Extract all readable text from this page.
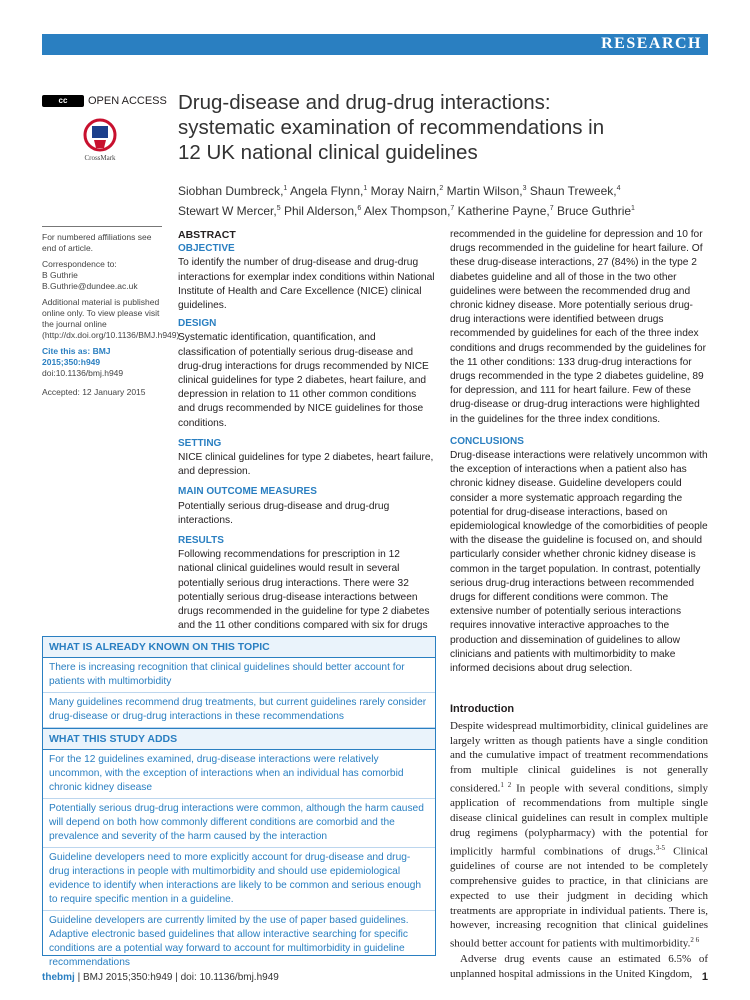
RESEARCH
cc	OPEN ACCESS
CrossMark
Drug-disease and drug-drug interactions: systematic examination of recommendations in 12 UK national clinical guidelines
Siobhan Dumbreck,$^1$ Angela Flynn,$^1$ Moray Nairn,$^2$ Martin Wilson,$^3$ Shaun Treweek,$^4$ Stewart W Mercer,$^5$ Phil Alderson,$^6$ Alex Thompson,$^7$ Katherine Payne,$^7$ Bruce Guthrie$^1$

For numbered affiliations see end of article.

Correspondence to:
B Guthrie B.Guthrie@dundee.ac.uk

Additional material is published online only. To view please visit the journal online (http://dx.doi.org/10.1136/BMJ.h949)

Cite this as: BMJ 2015;350:h949

doi:10.1136/bmj.h949

Accepted: 12 January 2015

ABSTRACT

OBJECTIVE

To identify the number of drug-disease and drug-drug interactions for exemplar index conditions within National Institute of Health and Care Excellence (NICE) clinical guidelines.

DESIGN

Systematic identification, quantification, and classification of potentially serious drug-disease and drug-drug interactions for drugs recommended by NICE clinical guidelines for type 2 diabetes, heart failure, and depression in relation to 11 other common conditions and drugs recommended by NICE guidelines for those conditions.

SETTING

NICE clinical guidelines for type 2 diabetes, heart failure, and depression.

MAIN OUTCOME MEASURES

Potentially serious drug-disease and drug-drug interactions.

RESULTS

Following recommendations for prescription in 12 national clinical guidelines would result in several potentially serious drug interactions. There were 32 potentially serious drug-disease interactions between drugs recommended in the guideline for type 2 diabetes and the 11 other conditions compared with six for drugs

recommended in the guideline for depression and 10 for drugs recommended in the guideline for heart failure. Of these drug-disease interactions, 27 (84%) in the type 2 diabetes guideline and all of those in the two other guidelines were between the recommended drug and chronic kidney disease. More potentially serious drug-drug interactions were identified between drugs recommended by guidelines for each of the three index conditions and drugs recommended by the guidelines for the 11 other conditions: 133 drug-drug interactions for drugs recommended in the type 2 diabetes guideline, 89 for depression, and 111 for heart failure. Few of these drug-disease or drug-drug interactions were highlighted in the guidelines for the three index conditions.

CONCLUSIONS

Drug-disease interactions were relatively uncommon with the exception of interactions when a patient also has chronic kidney disease. Guideline developers could consider a more systematic approach regarding the potential for drug-disease interactions, based on epidemiological knowledge of the comorbidities of people with the disease the guideline is focused on, and should particularly consider whether chronic kidney disease is common in the target population. In contrast, potentially serious drug-drug interactions between recommended drugs for different conditions were common. The extensive number of potentially serious interactions requires innovative interactive approaches to the production and dissemination of guidelines to allow clinicians and patients with multimorbidity to make informed decisions about drug selection.

WHAT IS ALREADY KNOWN ON THIS TOPIC
There is increasing recognition that clinical guidelines should better account for patients with multimorbidity
Many guidelines recommend drug treatments, but current guidelines rarely consider drug-disease or drug-drug interactions in these recommendations
WHAT THIS STUDY ADDS
For the 12 guidelines examined, drug-disease interactions were relatively uncommon, with the exception of interactions when an individual has comorbid chronic kidney disease
Potentially serious drug-drug interactions were common, although the harm caused will depend on both how commonly different conditions are comorbid and the prevalence and severity of the harm caused by the interaction
Guideline developers need to more explicitly account for drug-disease and drug-drug interactions in people with multimorbidity and should use epidemiological evidence to identify when interactions are likely to be common and serious enough to require specific mention in a guideline.
Guideline developers are currently limited by the use of paper based guidelines. Adaptive electronic based guidelines that allow interactive searching for specific conditions are a potential way forward to account for multimorbidity in guideline recommendations
Introduction

Despite widespread multimorbidity, clinical guidelines are largely written as though patients have a single condition and the cumulative impact of treatment recommendations from multiple clinical guidelines is not generally considered.$^{1 2}$ In people with several conditions, simply application of recommendations from multiple single disease clinical guidelines can result in complex multiple drug regimens (polypharmacy) with the potential for implicitly harmful combinations of drugs.$^{3-5}$ Clinical guidelines of course are not intended to be completely comprehensive guides to practice, in that clinicians are expected to use their judgment in deciding which treatments are appropriate in individual patients. There is, however, increasing recognition that clinical guidelines should better account for patients with multimorbidity.$^{2 6}$

Adverse drug events cause an estimated 6.5% of unplanned hospital admissions in the United Kingdom,

thebmj | BMJ 2015;350:h949 | doi: 10.1136/bmj.h949	1
